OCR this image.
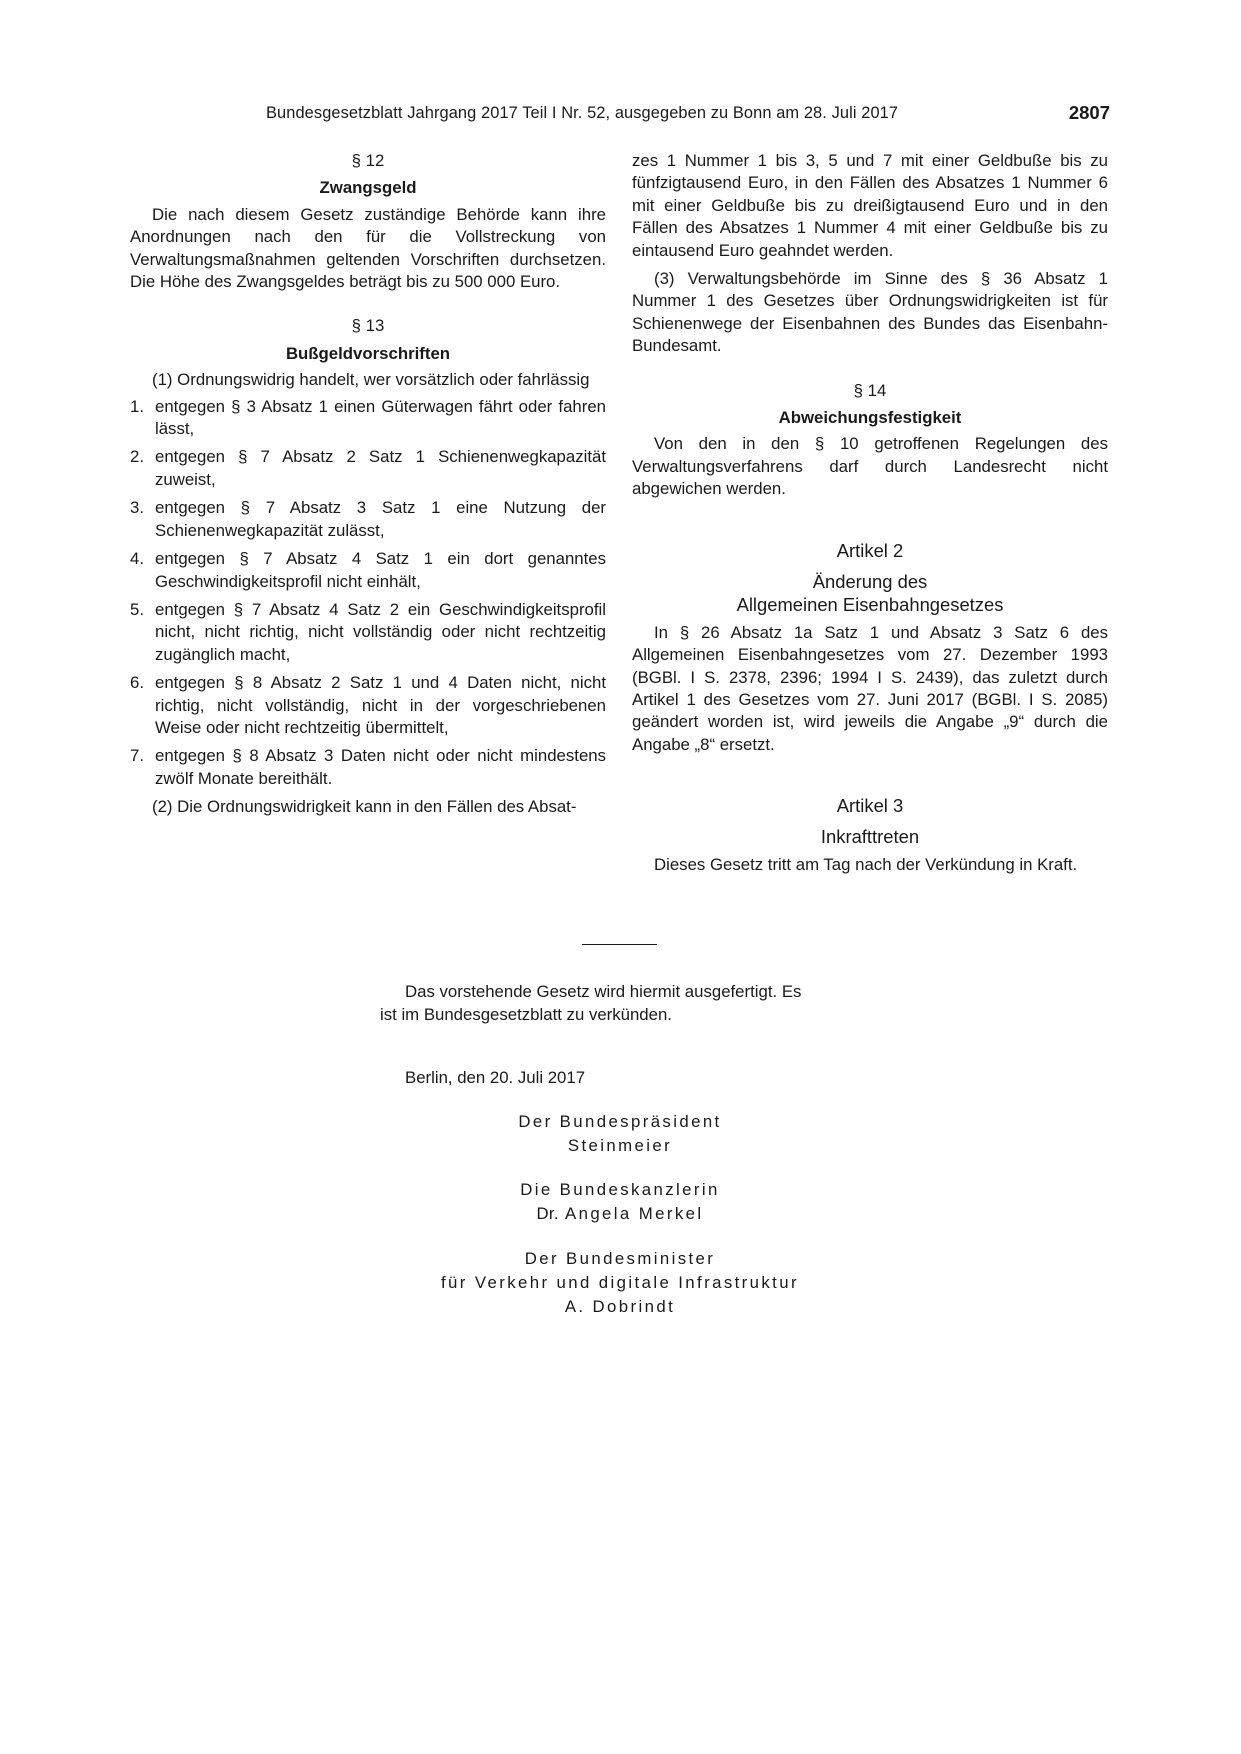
Bundesgesetzblatt Jahrgang 2017 Teil I Nr. 52, ausgegeben zu Bonn am 28. Juli 2017	2807

§ 12

Zwangsgeld

Die nach diesem Gesetz zuständige Behörde kann ihre Anordnungen nach den für die Vollstreckung von Verwaltungsmaßnahmen geltenden Vorschriften durchsetzen. Die Höhe des Zwangsgeldes beträgt bis zu 500 000 Euro.

§ 13

Bußgeldvorschriften

(1) Ordnungswidrig handelt, wer vorsätzlich oder fahrlässig

1. entgegen § 3 Absatz 1 einen Güterwagen fährt oder fahren lässt,
2. entgegen § 7 Absatz 2 Satz 1 Schienenwegkapazität zuweist,
3. entgegen § 7 Absatz 3 Satz 1 eine Nutzung der Schienenwegkapazität zulässt,
4. entgegen § 7 Absatz 4 Satz 1 ein dort genanntes Geschwindigkeitsprofil nicht einhält,
5. entgegen § 7 Absatz 4 Satz 2 ein Geschwindigkeitsprofil nicht, nicht richtig, nicht vollständig oder nicht rechtzeitig zugänglich macht,
6. entgegen § 8 Absatz 2 Satz 1 und 4 Daten nicht, nicht richtig, nicht vollständig, nicht in der vorgeschriebenen Weise oder nicht rechtzeitig übermittelt,
7. entgegen § 8 Absatz 3 Daten nicht oder nicht mindestens zwölf Monate bereithält.

(2) Die Ordnungswidrigkeit kann in den Fällen des Absat-

zes 1 Nummer 1 bis 3, 5 und 7 mit einer Geldbuße bis zu fünfzigtausend Euro, in den Fällen des Absatzes 1 Nummer 6 mit einer Geldbuße bis zu dreißigtausend Euro und in den Fällen des Absatzes 1 Nummer 4 mit einer Geldbuße bis zu eintausend Euro geahndet werden.

(3) Verwaltungsbehörde im Sinne des § 36 Absatz 1 Nummer 1 des Gesetzes über Ordnungswidrigkeiten ist für Schienenwege der Eisenbahnen des Bundes das Eisenbahn-Bundesamt.

§ 14

Abweichungsfestigkeit

Von den in den § 10 getroffenen Regelungen des Verwaltungsverfahrens darf durch Landesrecht nicht abgewichen werden.

Artikel 2

Änderung des
Allgemeinen Eisenbahngesetzes

In § 26 Absatz 1a Satz 1 und Absatz 3 Satz 6 des Allgemeinen Eisenbahngesetzes vom 27. Dezember 1993 (BGBl. I S. 2378, 2396; 1994 I S. 2439), das zuletzt durch Artikel 1 des Gesetzes vom 27. Juni 2017 (BGBl. I S. 2085) geändert worden ist, wird jeweils die Angabe „9“ durch die Angabe „8“ ersetzt.

Artikel 3

Inkrafttreten

Dieses Gesetz tritt am Tag nach der Verkündung in Kraft.

Das vorstehende Gesetz wird hiermit ausgefertigt. Es
ist im Bundesgesetzblatt zu verkünden.
Berlin, den 20. Juli 2017
Der Bundespräsident
Steinmeier
Die Bundeskanzlerin
Dr. Angela Merkel
Der Bundesminister
für Verkehr und digitale Infrastruktur
A. Dobrindt
